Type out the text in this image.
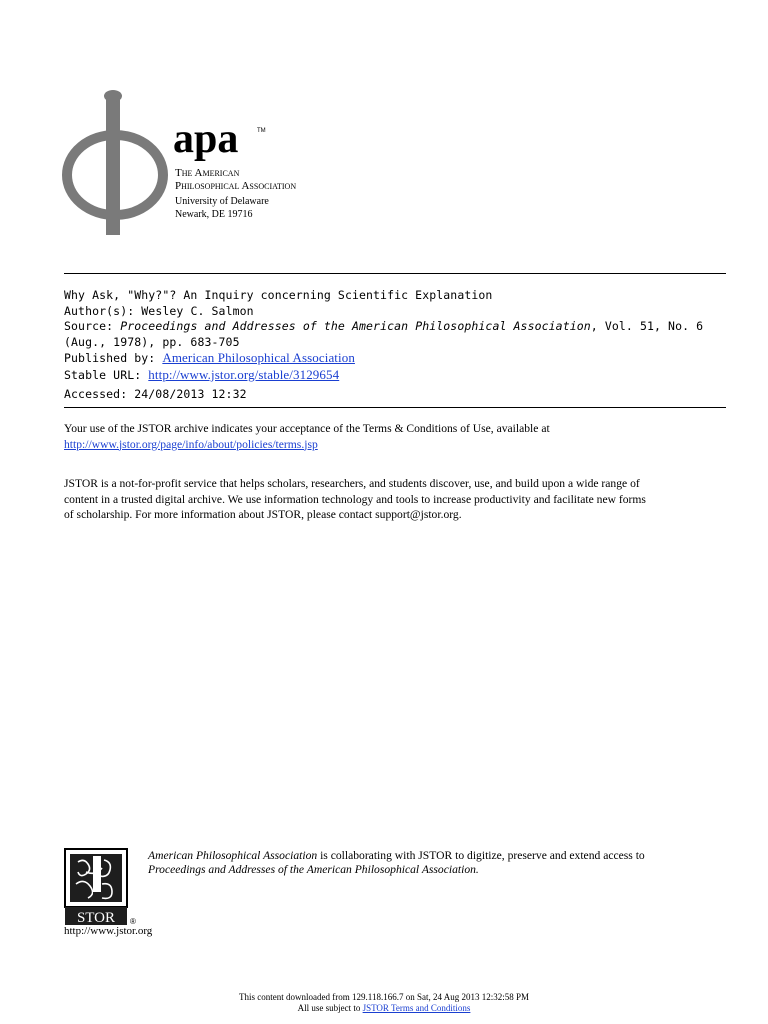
apa	TM
The American
Philosophical Association
University of Delaware
Newark, DE 19716
Why Ask, "Why?"? An Inquiry concerning Scientific Explanation
Author(s): Wesley C. Salmon
Source: Proceedings and Addresses of the American Philosophical Association, Vol. 51, No. 6
(Aug., 1978), pp. 683-705
Published by: American Philosophical Association
Stable URL: http://www.jstor.org/stable/3129654
Accessed: 24/08/2013 12:32
Your use of the JSTOR archive indicates your acceptance of the Terms & Conditions of Use, available at
http://www.jstor.org/page/info/about/policies/terms.jsp
JSTOR is a not-for-profit service that helps scholars, researchers, and students discover, use, and build upon a wide range of
content in a trusted digital archive. We use information technology and tools to increase productivity and facilitate new forms
of scholarship. For more information about JSTOR, please contact support@jstor.org.
STOR ®
http://www.jstor.org
American Philosophical Association is collaborating with JSTOR to digitize, preserve and extend access to
Proceedings and Addresses of the American Philosophical Association.
This content downloaded from 129.118.166.7 on Sat, 24 Aug 2013 12:32:58 PM
All use subject to JSTOR Terms and Conditions
